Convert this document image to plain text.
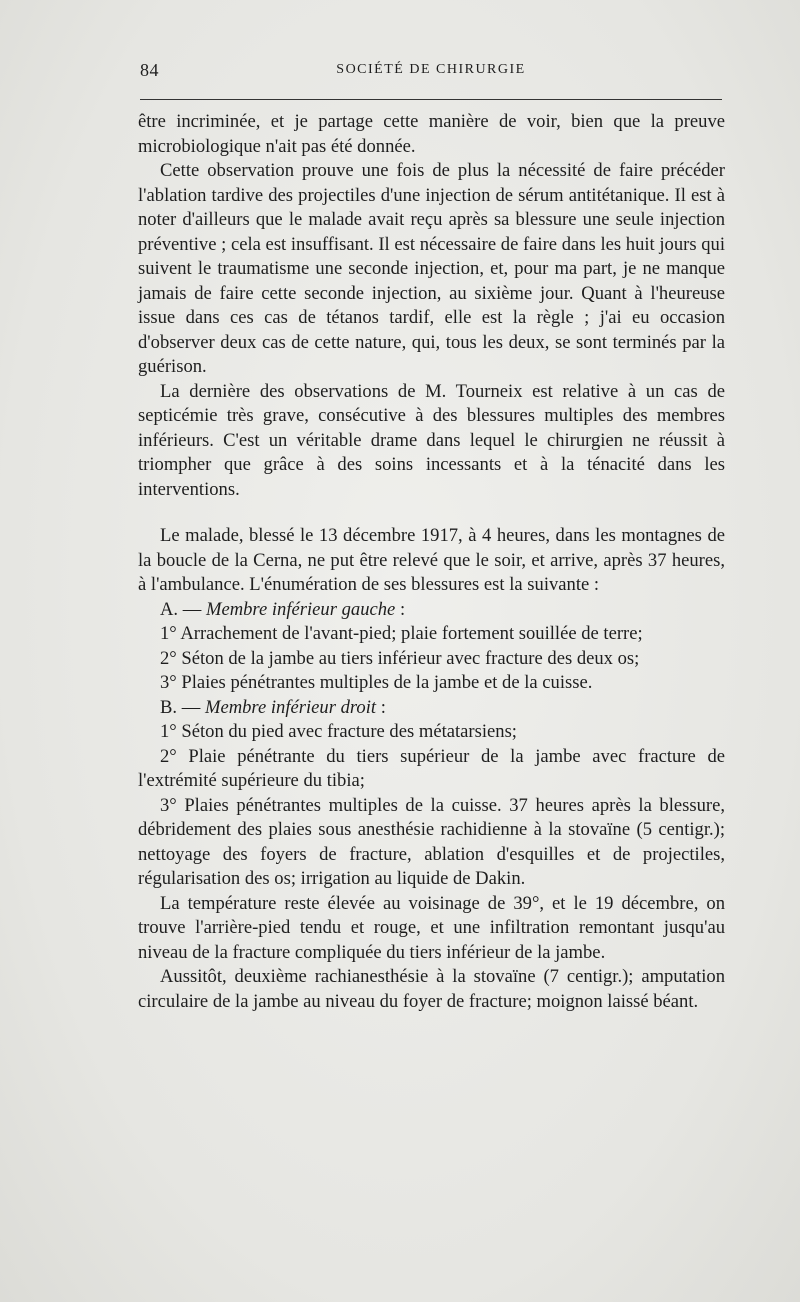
84	SOCIÉTÉ DE CHIRURGIE

être incriminée, et je partage cette manière de voir, bien que la preuve microbiologique n'ait pas été donnée.

Cette observation prouve une fois de plus la nécessité de faire précéder l'ablation tardive des projectiles d'une injection de sérum antitétanique. Il est à noter d'ailleurs que le malade avait reçu après sa blessure une seule injection préventive ; cela est insuffisant. Il est nécessaire de faire dans les huit jours qui suivent le traumatisme une seconde injection, et, pour ma part, je ne manque jamais de faire cette seconde injection, au sixième jour. Quant à l'heureuse issue dans ces cas de tétanos tardif, elle est la règle ; j'ai eu occasion d'observer deux cas de cette nature, qui, tous les deux, se sont terminés par la guérison.

La dernière des observations de M. Tourneix est relative à un cas de septicémie très grave, consécutive à des blessures multiples des membres inférieurs. C'est un véritable drame dans lequel le chirurgien ne réussit à triompher que grâce à des soins incessants et à la ténacité dans les interventions.

Le malade, blessé le 13 décembre 1917, à 4 heures, dans les montagnes de la boucle de la Cerna, ne put être relevé que le soir, et arrive, après 37 heures, à l'ambulance. L'énumération de ses blessures est la suivante :

A. — Membre inférieur gauche :

1° Arrachement de l'avant-pied; plaie fortement souillée de terre;

2° Séton de la jambe au tiers inférieur avec fracture des deux os;

3° Plaies pénétrantes multiples de la jambe et de la cuisse.

B. — Membre inférieur droit :

1° Séton du pied avec fracture des métatarsiens;

2° Plaie pénétrante du tiers supérieur de la jambe avec fracture de l'extrémité supérieure du tibia;

3° Plaies pénétrantes multiples de la cuisse. 37 heures après la blessure, débridement des plaies sous anesthésie rachidienne à la stovaïne (5 centigr.); nettoyage des foyers de fracture, ablation d'esquilles et de projectiles, régularisation des os; irrigation au liquide de Dakin.

La température reste élevée au voisinage de 39°, et le 19 décembre, on trouve l'arrière-pied tendu et rouge, et une infiltration remontant jusqu'au niveau de la fracture compliquée du tiers inférieur de la jambe.

Aussitôt, deuxième rachianesthésie à la stovaïne (7 centigr.); amputation circulaire de la jambe au niveau du foyer de fracture; moignon laissé béant.
